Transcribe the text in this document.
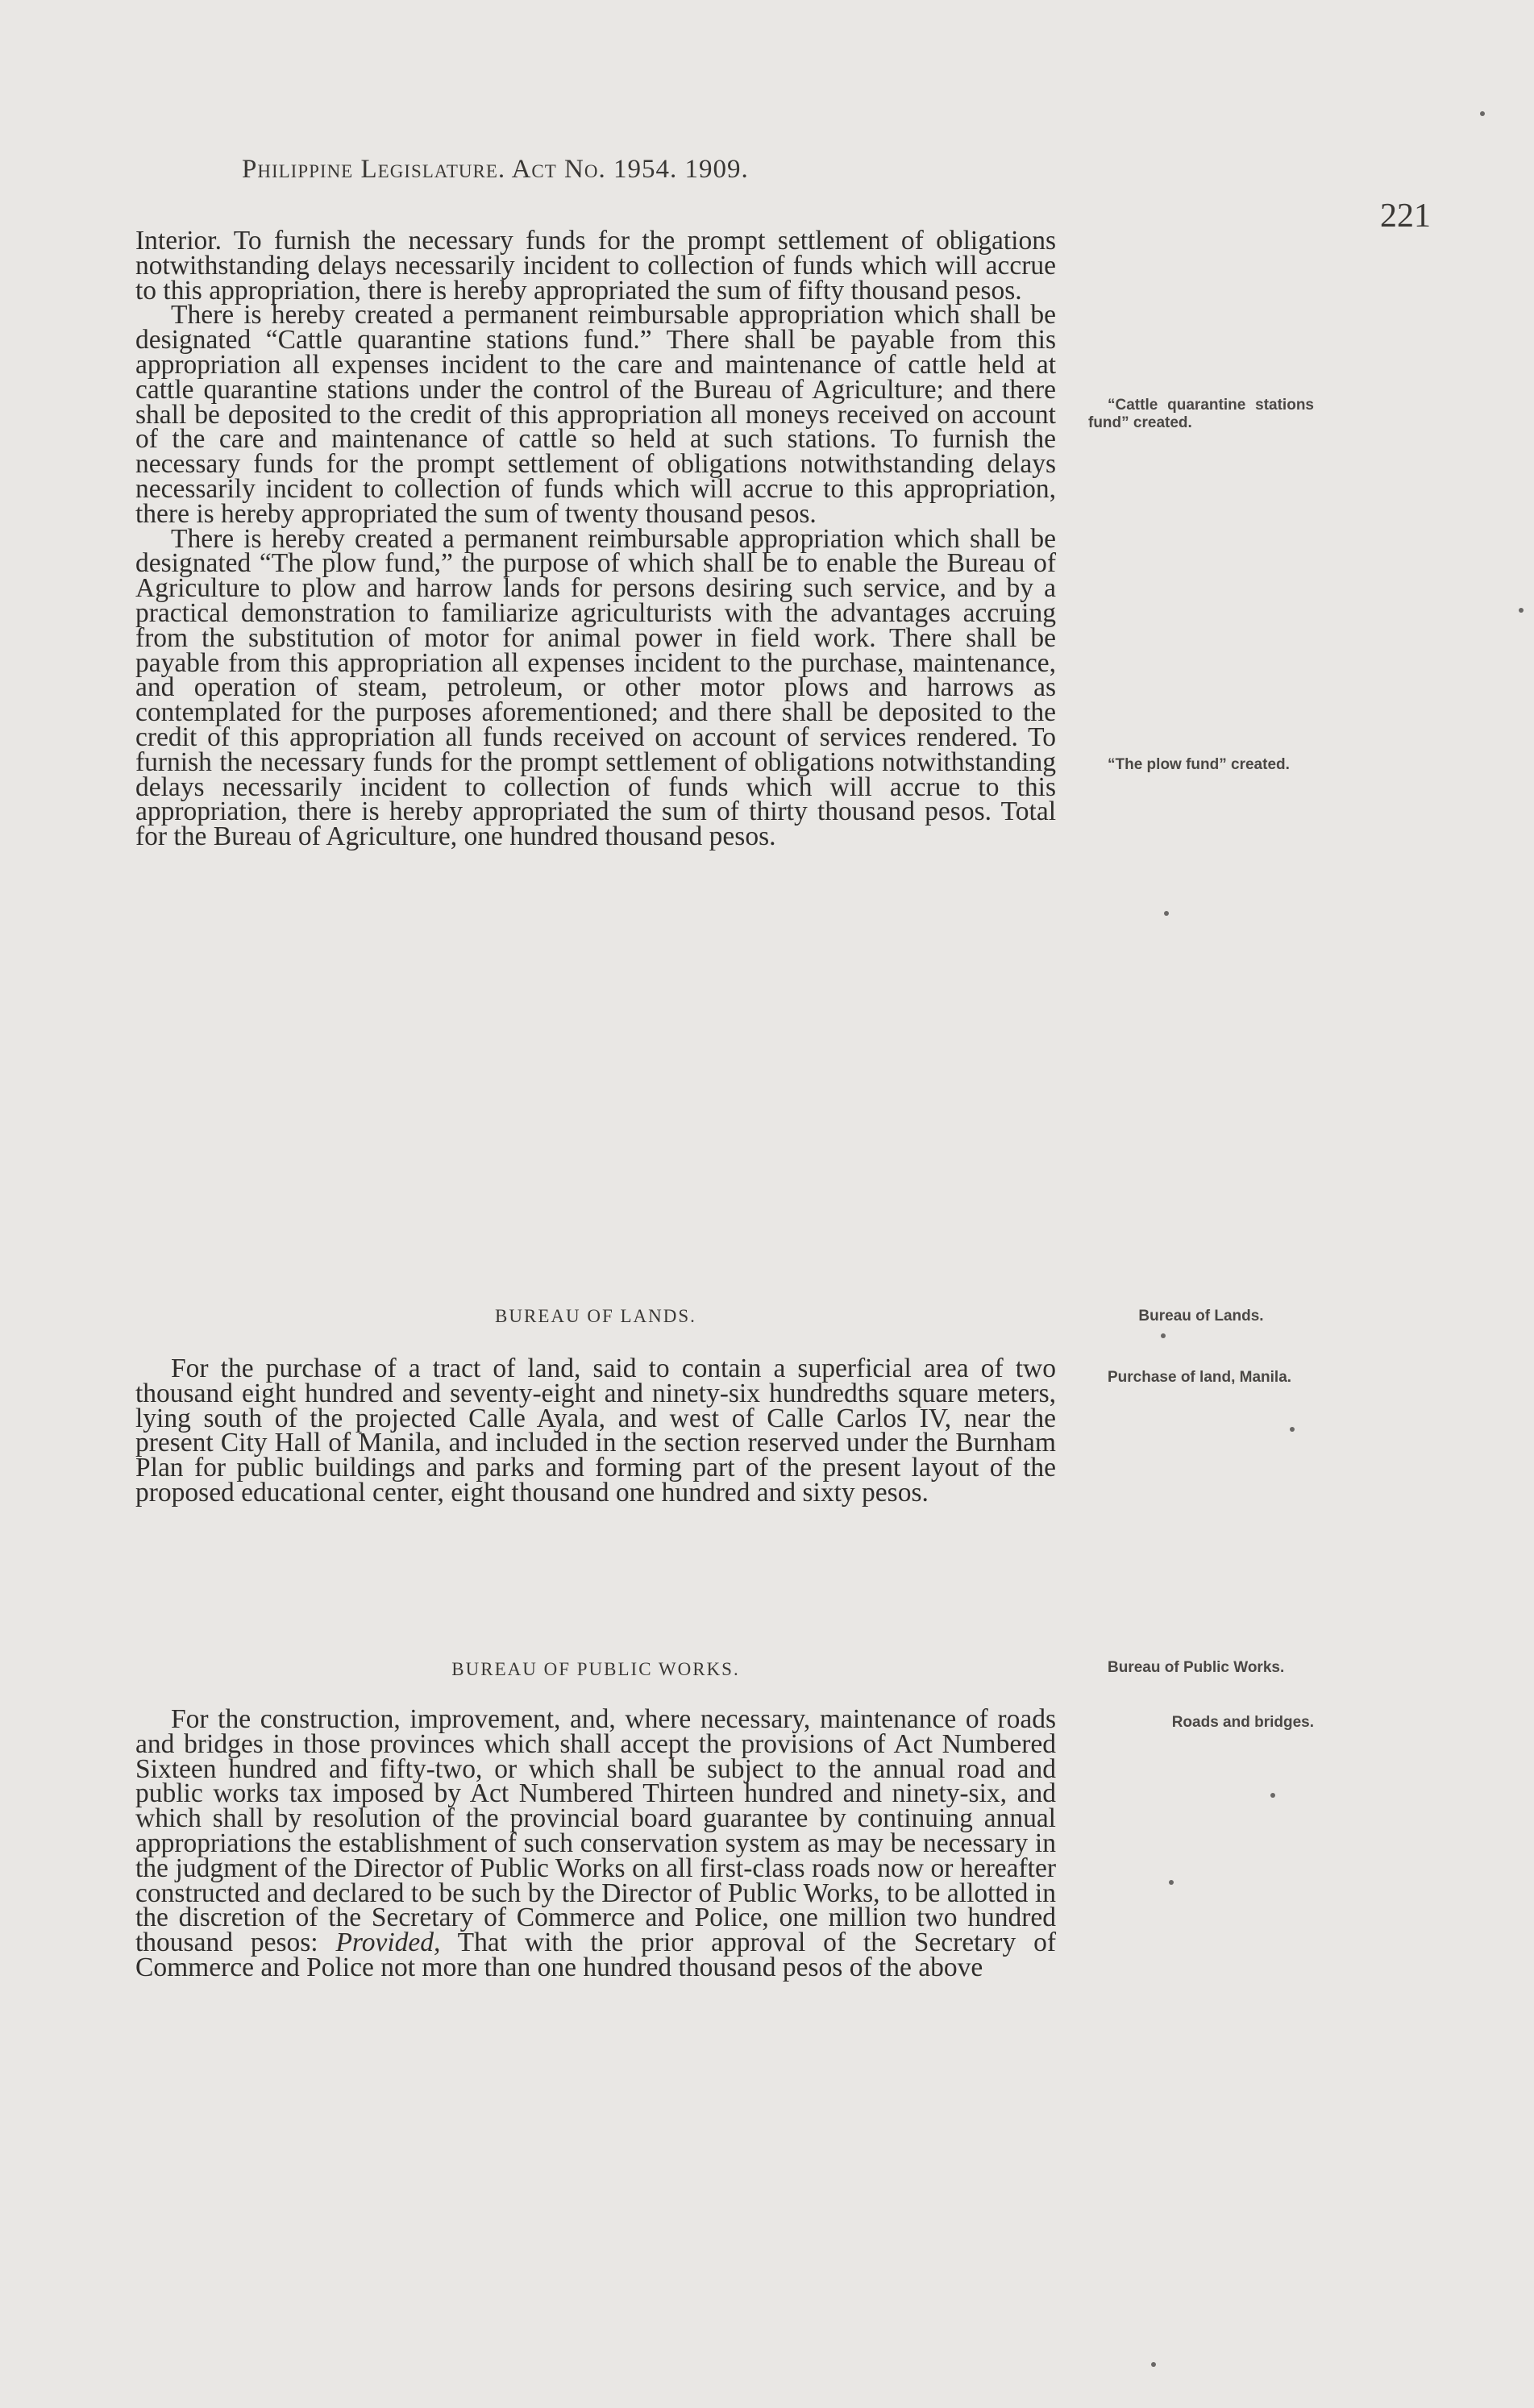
Philippine Legislature. Act No. 1954. 1909.
221

Interior. To furnish the necessary funds for the prompt settlement of obligations notwithstanding delays necessarily incident to collection of funds which will accrue to this appropriation, there is hereby appropriated the sum of fifty thousand pesos.

There is hereby created a permanent reimbursable appropriation which shall be designated “Cattle quarantine stations fund.” There shall be payable from this appropriation all expenses incident to the care and maintenance of cattle held at cattle quarantine stations under the control of the Bureau of Agriculture; and there shall be deposited to the credit of this appropriation all moneys received on account of the care and maintenance of cattle so held at such stations. To furnish the necessary funds for the prompt settlement of obligations notwithstanding delays necessarily incident to collection of funds which will accrue to this appropriation, there is hereby appropriated the sum of twenty thousand pesos.

There is hereby created a permanent reimbursable appropriation which shall be designated “The plow fund,” the purpose of which shall be to enable the Bureau of Agriculture to plow and harrow lands for persons desiring such service, and by a practical demonstration to familiarize agriculturists with the advantages accruing from the substitution of motor for animal power in field work. There shall be payable from this appropriation all expenses incident to the purchase, maintenance, and operation of steam, petroleum, or other motor plows and harrows as contemplated for the purposes aforementioned; and there shall be deposited to the credit of this appropriation all funds received on account of services rendered. To furnish the necessary funds for the prompt settlement of obligations notwithstanding delays necessarily incident to collection of funds which will accrue to this appropriation, there is hereby appropriated the sum of thirty thousand pesos. Total for the Bureau of Agriculture, one hundred thousand pesos.

BUREAU OF LANDS.

For the purchase of a tract of land, said to contain a superficial area of two thousand eight hundred and seventy-eight and ninety-six hundredths square meters, lying south of the projected Calle Ayala, and west of Calle Carlos IV, near the present City Hall of Manila, and included in the section reserved under the Burnham Plan for public buildings and parks and forming part of the present layout of the proposed educational center, eight thousand one hundred and sixty pesos.

BUREAU OF PUBLIC WORKS.

For the construction, improvement, and, where necessary, maintenance of roads and bridges in those provinces which shall accept the provisions of Act Numbered Sixteen hundred and fifty-two, or which shall be subject to the annual road and public works tax imposed by Act Numbered Thirteen hundred and ninety-six, and which shall by resolution of the provincial board guarantee by continuing annual appropriations the establishment of such conservation system as may be necessary in the judgment of the Director of Public Works on all first-class roads now or hereafter constructed and declared to be such by the Director of Public Works, to be allotted in the discretion of the Secretary of Commerce and Police, one million two hundred thousand pesos: Provided, That with the prior approval of the Secretary of Commerce and Police not more than one hundred thousand pesos of the above

“Cattle quarantine stations fund” created.
“The plow fund” created.
Bureau of Lands.
Purchase of land, Manila.
Bureau of Public Works.
Roads and bridges.
